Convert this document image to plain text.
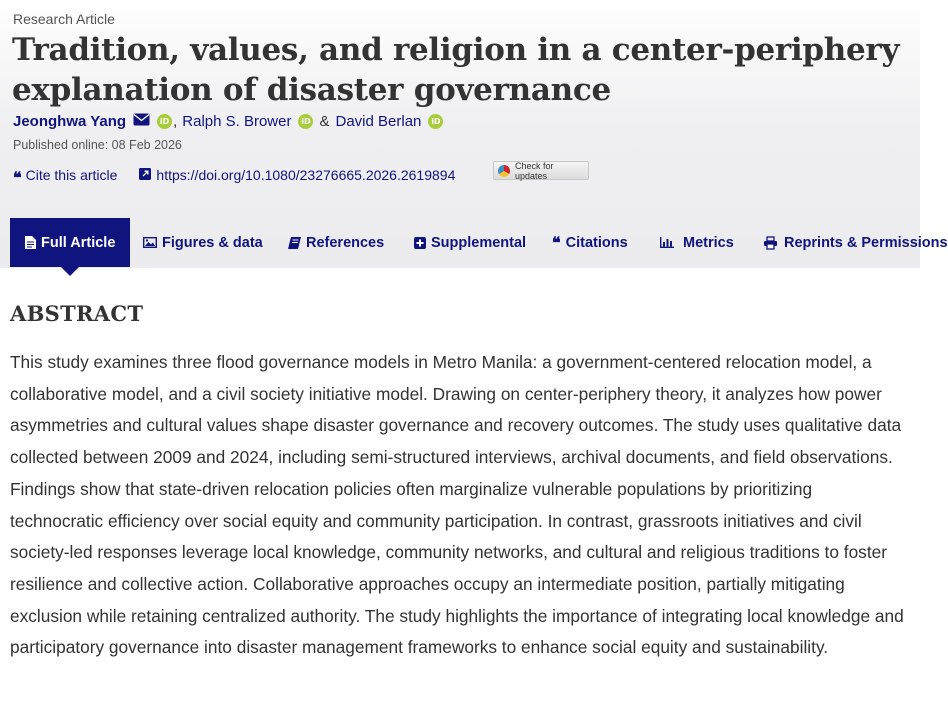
Research Article
Tradition, values, and religion in a center-periphery explanation of disaster governance
Jeonghwa Yang	iD , Ralph S. Brower	iD & David Berlan	iD
Published online: 08 Feb 2026
❝ Cite this article	https://doi.org/10.1080/23276665.2026.2619894
Check for updates
Full Article	Figures & data	References	Supplemental ❝ Citations	Metrics	Reprints & Permissions
ABSTRACT

This study examines three flood governance models in Metro Manila: a government-centered relocation model, a collaborative model, and a civil society initiative model. Drawing on center-periphery theory, it analyzes how power asymmetries and cultural values shape disaster governance and recovery outcomes. The study uses qualitative data collected between 2009 and 2024, including semi-structured interviews, archival documents, and field observations. Findings show that state-driven relocation policies often marginalize vulnerable populations by prioritizing technocratic efficiency over social equity and community participation. In contrast, grassroots initiatives and civil society-led responses leverage local knowledge, community networks, and cultural and religious traditions to foster resilience and collective action. Collaborative approaches occupy an intermediate position, partially mitigating exclusion while retaining centralized authority. The study highlights the importance of integrating local knowledge and participatory governance into disaster management frameworks to enhance social equity and sustainability.
